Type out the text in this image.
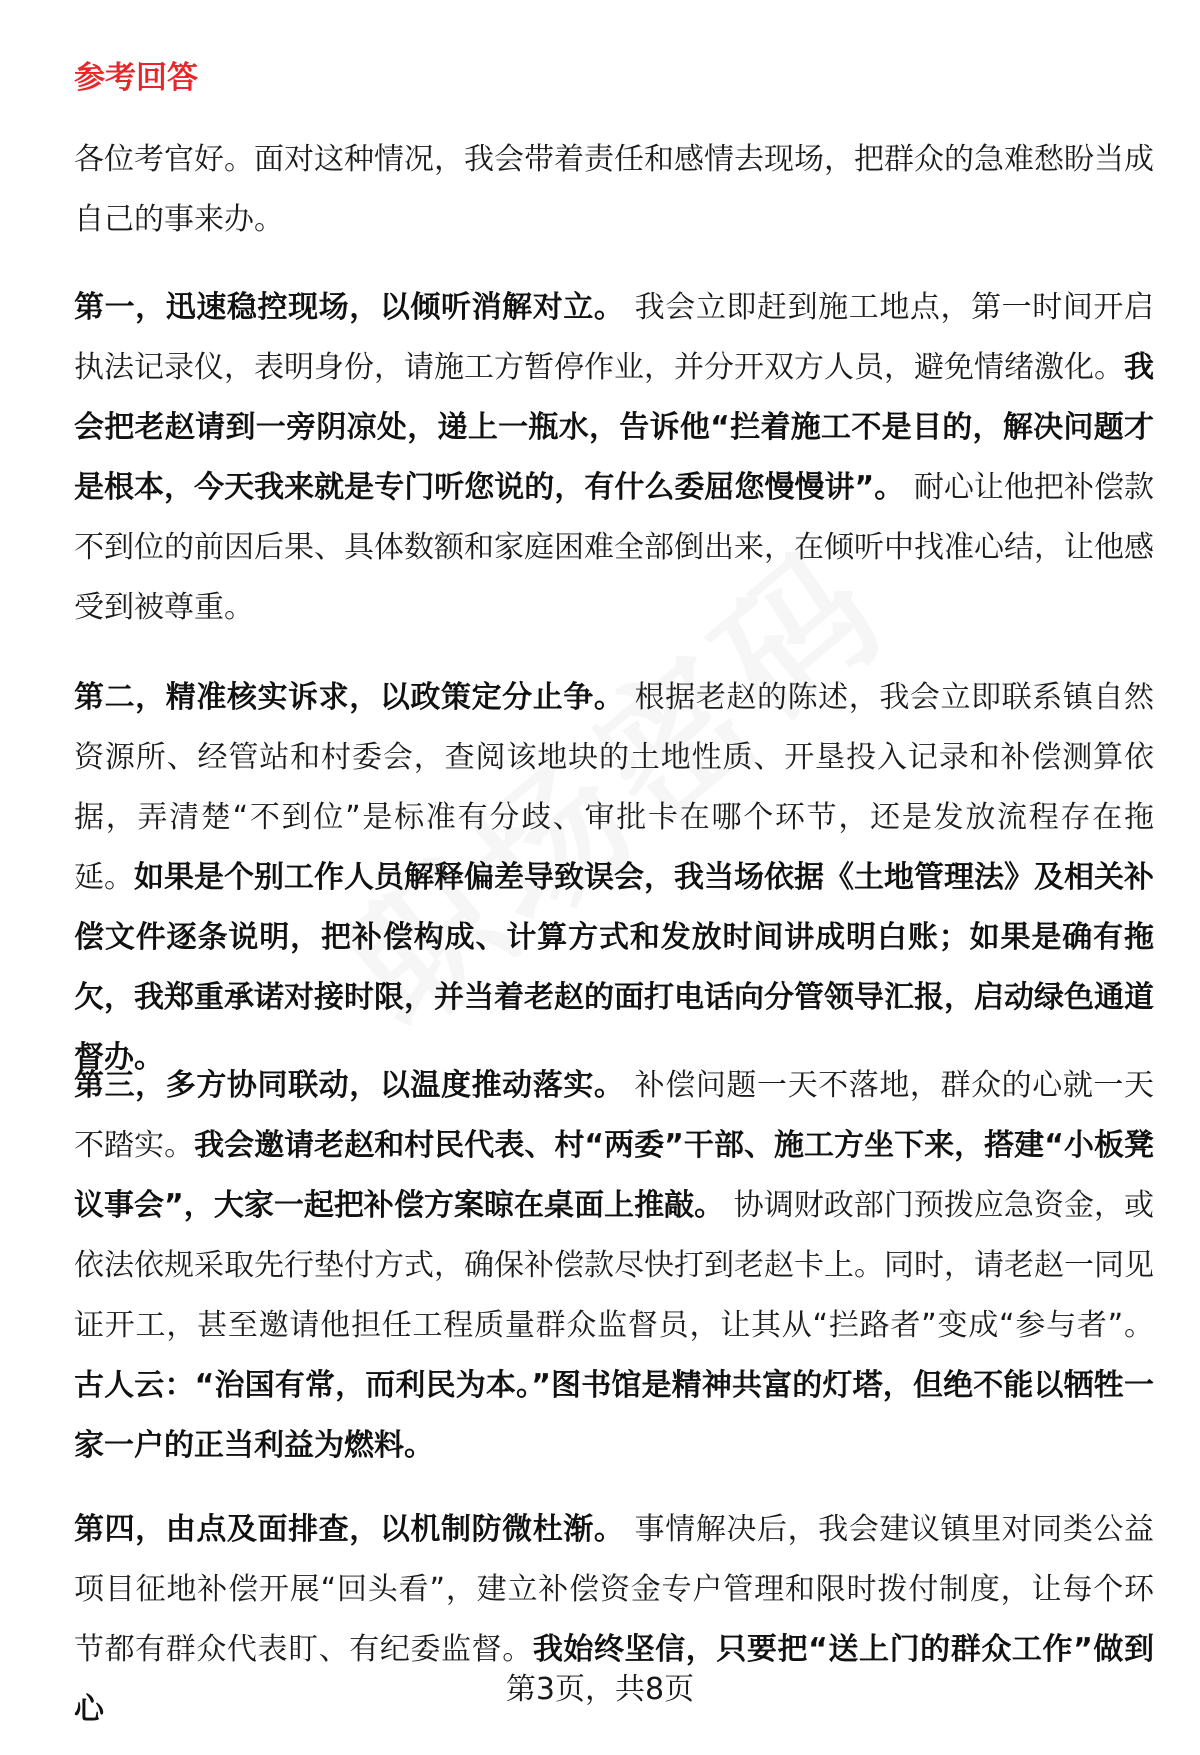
参考回答

各位考官好。面对这种情况，我会带着责任和感情去现场，把群众的急难愁盼当成自己的事来办。

第一，迅速稳控现场，以倾听消解对立。 我会立即赶到施工地点，第一时间开启执法记录仪，表明身份，请施工方暂停作业，并分开双方人员，避免情绪激化。我会把老赵请到一旁阴凉处，递上一瓶水，告诉他“拦着施工不是目的，解决问题才是根本，今天我来就是专门听您说的，有什么委屈您慢慢讲”。 耐心让他把补偿款不到位的前因后果、具体数额和家庭困难全部倒出来，在倾听中找准心结，让他感受到被尊重。

第二，精准核实诉求，以政策定分止争。 根据老赵的陈述，我会立即联系镇自然资源所、经管站和村委会，查阅该地块的土地性质、开垦投入记录和补偿测算依据，弄清楚“不到位”是标准有分歧、审批卡在哪个环节，还是发放流程存在拖延。如果是个别工作人员解释偏差导致误会，我当场依据《土地管理法》及相关补偿文件逐条说明，把补偿构成、计算方式和发放时间讲成明白账；如果是确有拖欠，我郑重承诺对接时限，并当着老赵的面打电话向分管领导汇报，启动绿色通道督办。

第三，多方协同联动，以温度推动落实。 补偿问题一天不落地，群众的心就一天不踏实。我会邀请老赵和村民代表、村“两委”干部、施工方坐下来，搭建“小板凳议事会”，大家一起把补偿方案晾在桌面上推敲。 协调财政部门预拨应急资金，或依法依规采取先行垫付方式，确保补偿款尽快打到老赵卡上。同时，请老赵一同见证开工，甚至邀请他担任工程质量群众监督员，让其从“拦路者”变成“参与者”。古人云：“治国有常，而利民为本。”图书馆是精神共富的灯塔，但绝不能以牺牲一家一户的正当利益为燃料。

第四，由点及面排查，以机制防微杜渐。 事情解决后，我会建议镇里对同类公益项目征地补偿开展“回头看”，建立补偿资金专户管理和限时拨付制度，让每个环节都有群众代表盯、有纪委监督。我始终坚信，只要把“送上门的群众工作”做到心

第3页，共8页
